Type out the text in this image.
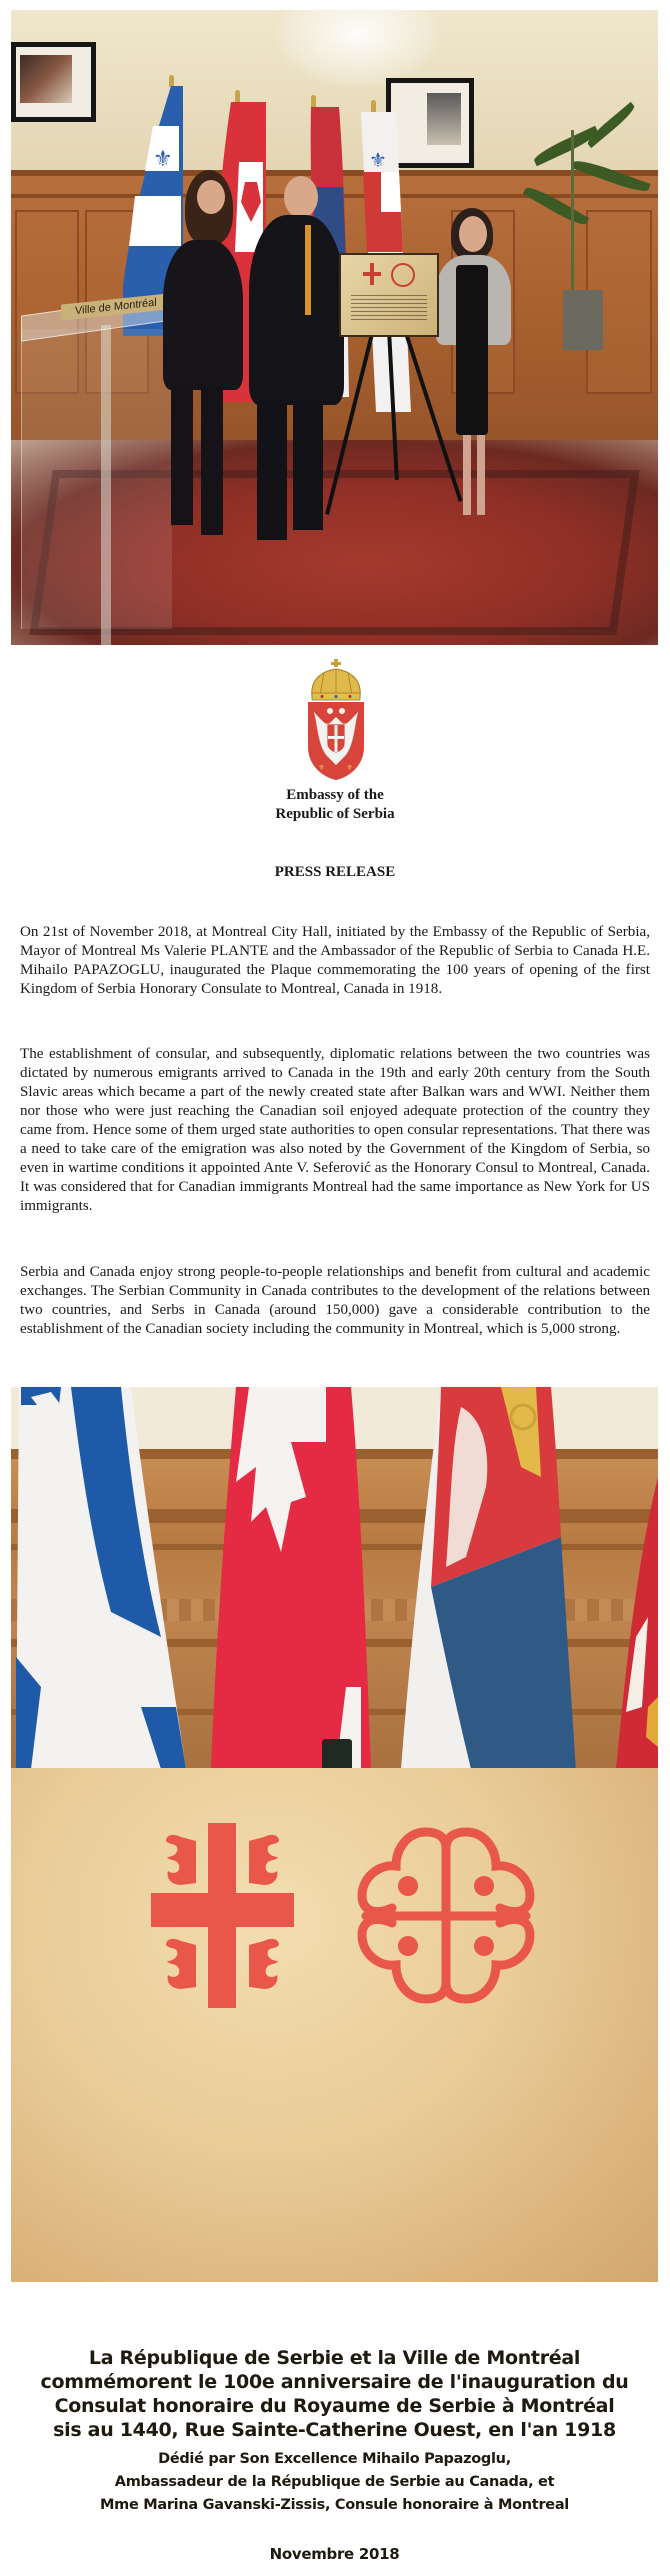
⚜	⚜
Ville de Montréal
⚜	⚜
Embassy of the
Republic of Serbia
PRESS RELEASE

On 21st of November 2018, at Montreal City Hall, initiated by the Embassy of the Republic of Serbia, Mayor of Montreal Ms Valerie PLANTE and the Ambassador of the Republic of Serbia to Canada H.E. Mihailo PAPAZOGLU, inaugurated the Plaque commemorating the 100 years of opening of the first Kingdom of Serbia Honorary Consulate to Montreal, Canada in 1918.

The establishment of consular, and subsequently, diplomatic relations between the two countries was dictated by numerous emigrants arrived to Canada in the 19th and early 20th century from the South Slavic areas which became a part of the newly created state after Balkan wars and WWI. Neither them nor those who were just reaching the Canadian soil enjoyed adequate protection of the country they came from. Hence some of them urged state authorities to open consular representations. That there was a need to take care of the emigration was also noted by the Government of the Kingdom of Serbia, so even in wartime conditions it appointed Ante V. Seferović as the Honorary Consul to Montreal, Canada. It was considered that for Canadian immigrants Montreal had the same importance as New York for US immigrants.

Serbia and Canada enjoy strong people-to-people relationships and benefit from cultural and academic exchanges. The Serbian Community in Canada contributes to the development of the relations between two countries, and Serbs in Canada (around 150,000) gave a considerable contribution to the establishment of the Canadian society including the community in Montreal, which is 5,000 strong.

La République de Serbie et la Ville de Montréal
commémorent le 100e anniversaire de l'inauguration du
Consulat honoraire du Royaume de Serbie à Montréal
sis au 1440, Rue Sainte-Catherine Ouest, en l'an 1918
Dédié par Son Excellence Mihailo Papazoglu,
Ambassadeur de la République de Serbie au Canada, et
Mme Marina Gavanski-Zissis, Consule honoraire à Montreal
Novembre 2018
